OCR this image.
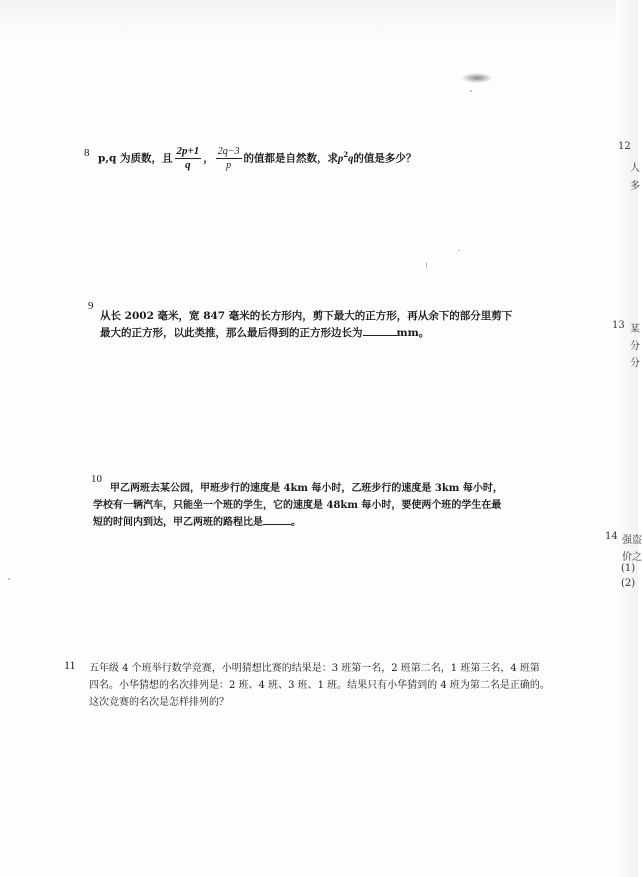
8 p,q 为质数，且 $\frac{2p+1}{q}$ ， $\frac{2q-3}{p}$ 的值都是自然数，求$p^2q$的值是多少？
9
从长 2002 毫米，宽 847 毫米的长方形内，剪下最大的正方形，再从余下的部分里剪下
最大的正方形，以此类推，那么最后得到的正方形边长为	mm。
10
甲乙两班去某公园，甲班步行的速度是 4km 每小时，乙班步行的速度是 3km 每小时，
学校有一辆汽车，只能坐一个班的学生，它的速度是 48km 每小时，要使两个班的学生在最
短的时间内到达，甲乙两班的路程比是	。
11 五年级 4 个班举行数学竞赛，小明猜想比赛的结果是：3 班第一名，2 班第二名，1 班第三名，4 班第
四名。小华猜想的名次排列是：2 班、4 班、3 班、1 班。结果只有小华猜到的 4 班为第二名是正确的。
这次竞赛的名次是怎样排列的？
12
人
多
13 某
分
分
14 强盗
价之
(1)
(2)
